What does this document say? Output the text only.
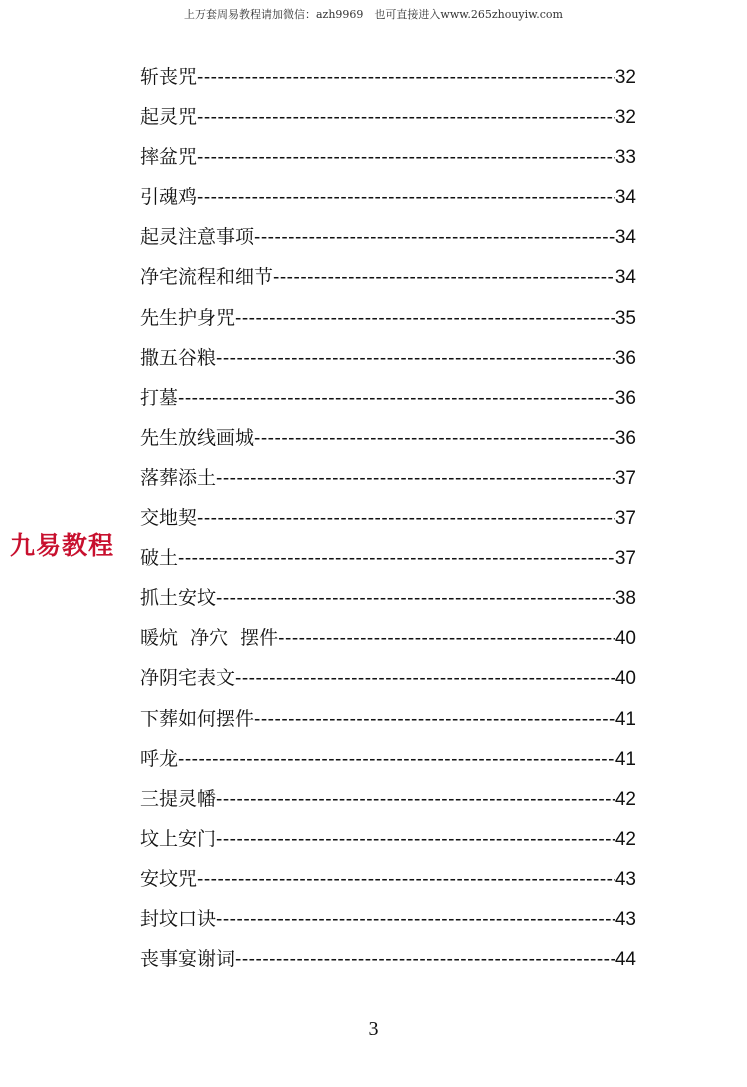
上万套周易教程请加微信：azh9969　也可直接进入www.265zhouyiw.com
斩丧咒 -----	32
起灵咒 -----	32
摔盆咒 -----	33
引魂鸡 -----	34
起灵注意事项 -----	34
净宅流程和细节 -----	34
先生护身咒 -----	35
撒五谷粮 -----	36
打墓 -----	36
先生放线画城 -----	36
落葬添土 -----	37
交地契 -----	37
破土 -----	37
抓土安坟 -----	38
暖炕  净穴  摆件 -----	40
净阴宅表文 -----	40
下葬如何摆件 -----	41
呼龙 -----	41
三提灵幡 -----	42
坟上安门 -----	42
安坟咒 -----	43
封坟口诀 -----	43
丧事宴谢词 -----	44
九易教程
3
